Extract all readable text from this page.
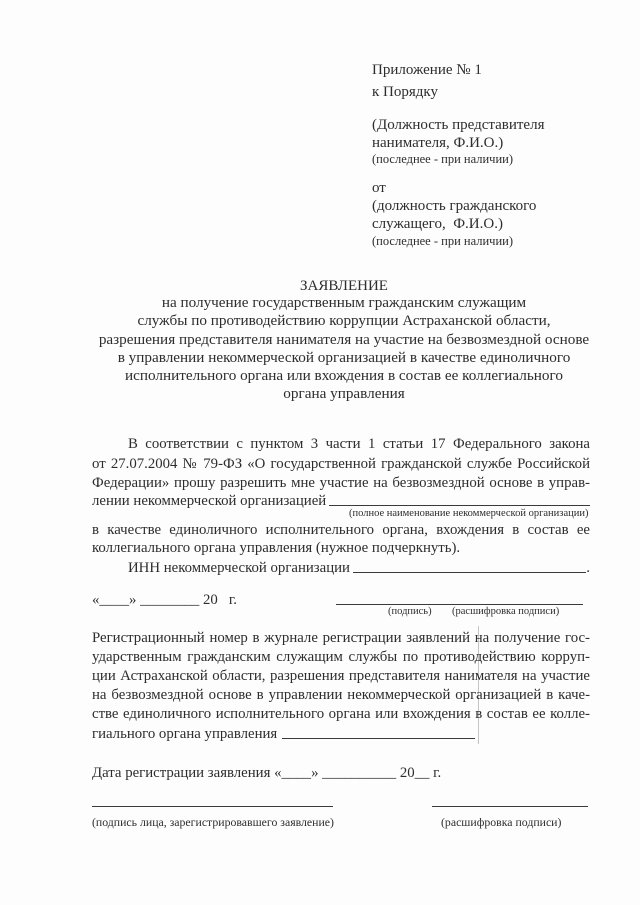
Приложение № 1
к Порядку
(Должность представителя
нанимателя, Ф.И.О.)
(последнее - при наличии)
от
(должность гражданского
служащего,  Ф.И.О.)
(последнее - при наличии)
ЗАЯВЛЕНИЕ
на получение государственным гражданским служащим
службы по противодействию коррупции Астраханской области,
разрешения представителя нанимателя на участие на безвозмездной основе
в управлении некоммерческой организацией в качестве единоличного
исполнительного органа или вхождения в состав ее коллегиального
органа управления
В соответствии с пунктом 3 части 1 статьи 17 Федерального закона
от 27.07.2004 № 79-ФЗ «О государственной гражданской службе Российской
Федерации» прошу разрешить мне участие на безвозмездной основе в управ-
лении некоммерческой организацией
(полное наименование некоммерческой организации)
в качестве единоличного исполнительного органа, вхождения в состав ее
коллегиального органа управления (нужное подчеркнуть).
ИНН некоммерческой организации	.
«____» ________ 20   г.
(подпись) (расшифровка подписи)
Регистрационный номер в журнале регистрации заявлений на получение гос-
ударственным гражданским служащим службы по противодействию корруп-
ции Астраханской области, разрешения представителя нанимателя на участие
на безвозмездной основе в управлении некоммерческой организацией в каче-
стве единоличного исполнительного органа или вхождения в состав ее колле-
гиального органа управления
Дата регистрации заявления «____» __________ 20__ г.
(подпись лица, зарегистрировавшего заявление)	(расшифровка подписи)
